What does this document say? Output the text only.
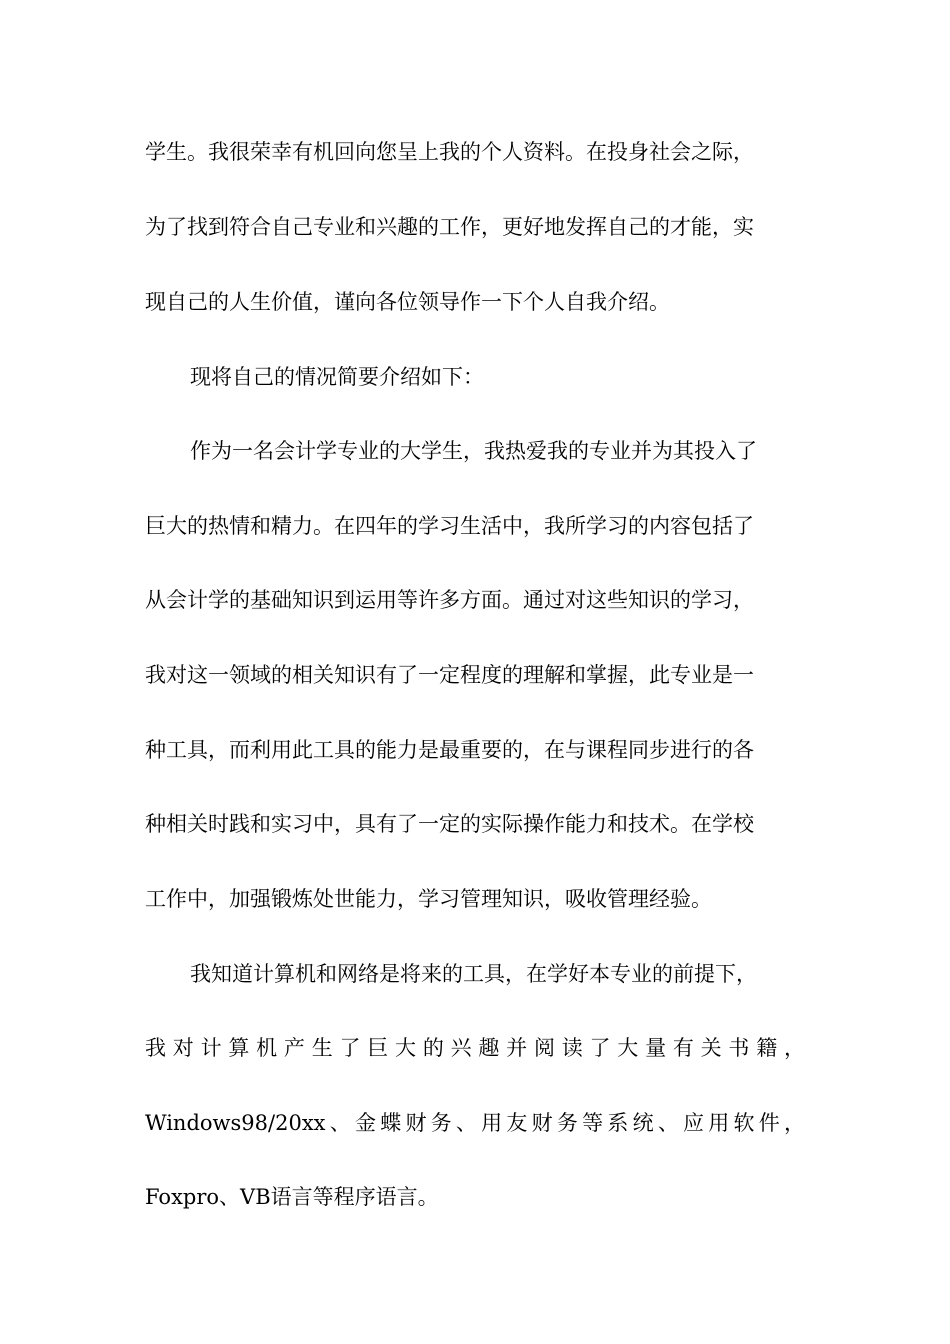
学生。我很荣幸有机回向您呈上我的个人资料。在投身社会之际，

为了找到符合自己专业和兴趣的工作，更好地发挥自己的才能，实

现自己的人生价值，谨向各位领导作一下个人自我介绍。

现将自己的情况简要介绍如下：

作为一名会计学专业的大学生，我热爱我的专业并为其投入了

巨大的热情和精力。在四年的学习生活中，我所学习的内容包括了

从会计学的基础知识到运用等许多方面。通过对这些知识的学习，

我对这一领域的相关知识有了一定程度的理解和掌握，此专业是一

种工具，而利用此工具的能力是最重要的，在与课程同步进行的各

种相关时践和实习中，具有了一定的实际操作能力和技术。在学校

工作中，加强锻炼处世能力，学习管理知识，吸收管理经验。

我知道计算机和网络是将来的工具，在学好本专业的前提下，

我对计算机产生了巨大的兴趣并阅读了大量有关书籍，

Windows98/20xx、金蝶财务、用友财务等系统、应用软件，

Foxpro、VB语言等程序语言。
